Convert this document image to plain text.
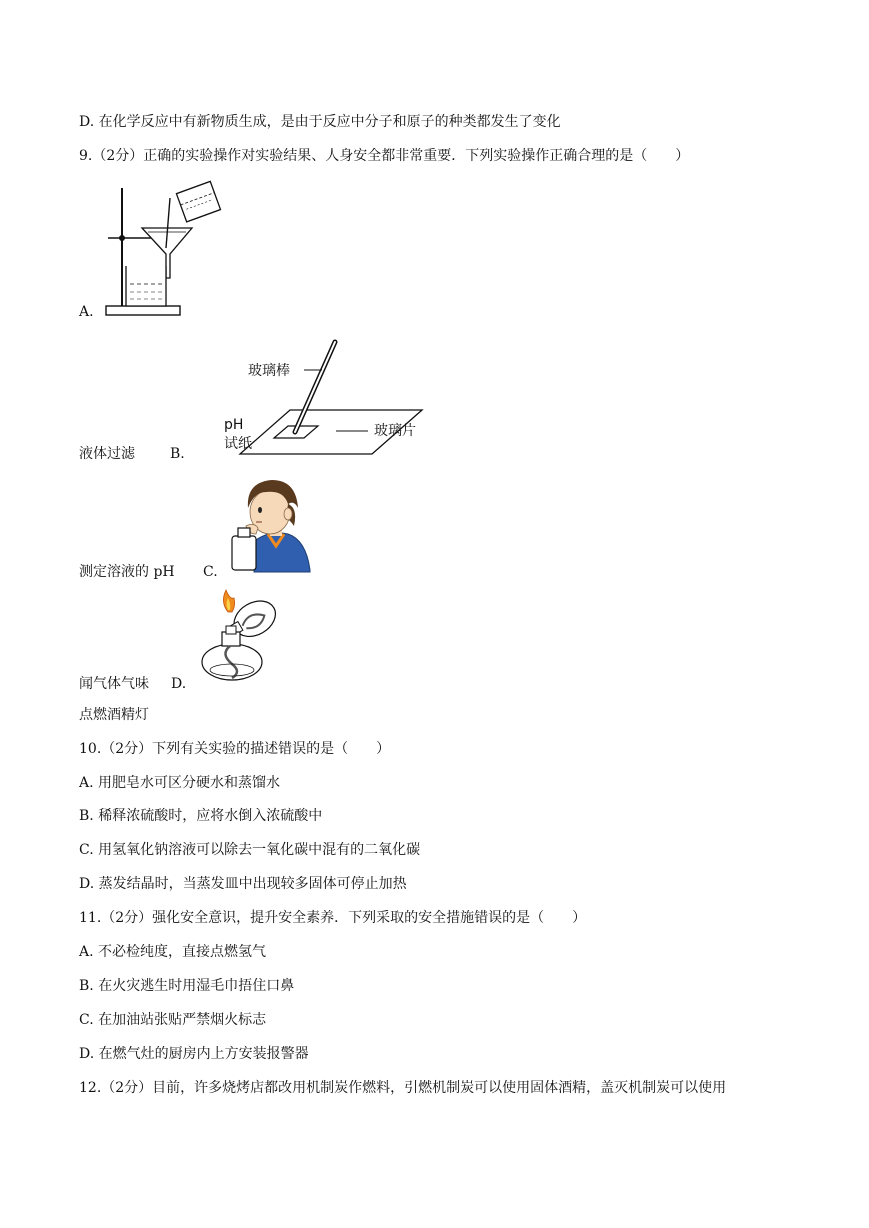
D. 在化学反应中有新物质生成，是由于反应中分子和原子的种类都发生了变化
9.（2分）正确的实验操作对实验结果、人身安全都非常重要．下列实验操作正确合理的是（　　）
A.
玻璃棒
玻璃片
pH
试纸
液体过滤	B.
测定溶液的 pH C.
闻气体气味 D.
点燃酒精灯
10.（2分）下列有关实验的描述错误的是（　　）
A. 用肥皂水可区分硬水和蒸馏水
B. 稀释浓硫酸时，应将水倒入浓硫酸中
C. 用氢氧化钠溶液可以除去一氧化碳中混有的二氧化碳
D. 蒸发结晶时，当蒸发皿中出现较多固体可停止加热
11.（2分）强化安全意识，提升安全素养．下列采取的安全措施错误的是（　　）
A. 不必检纯度，直接点燃氢气
B. 在火灾逃生时用湿毛巾捂住口鼻
C. 在加油站张贴严禁烟火标志
D. 在燃气灶的厨房内上方安装报警器
12.（2分）目前，许多烧烤店都改用机制炭作燃料，引燃机制炭可以使用固体酒精，盖灭机制炭可以使用
